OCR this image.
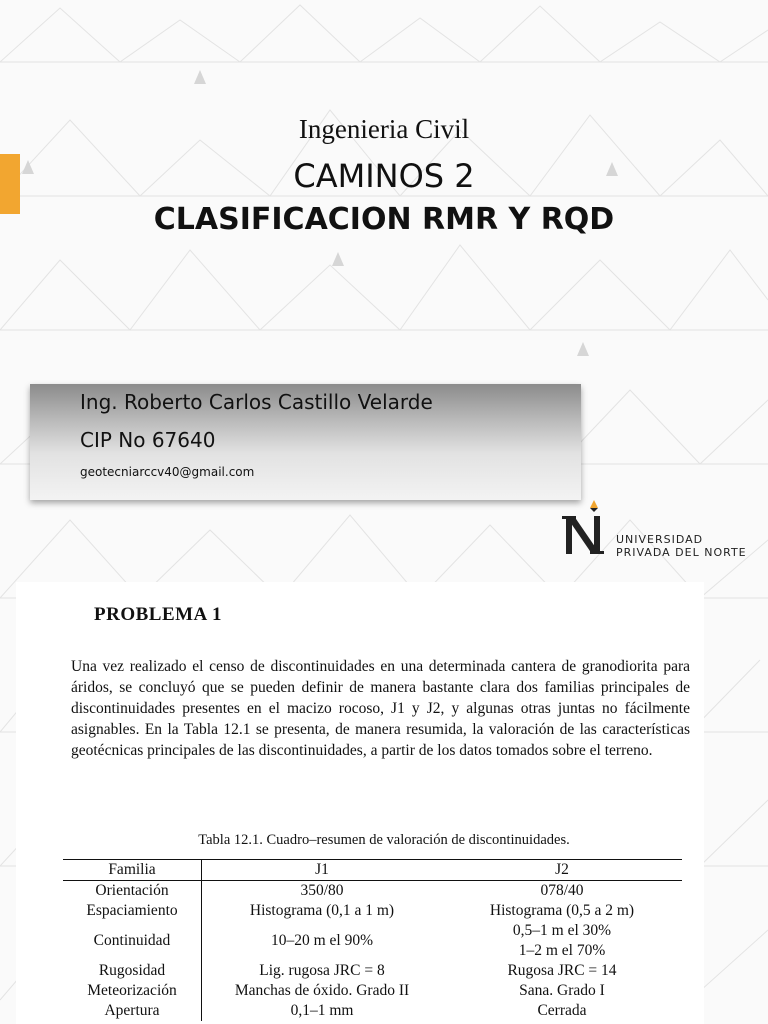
Ingenieria Civil
CAMINOS 2
CLASIFICACION RMR Y RQD
Ing. Roberto Carlos Castillo Velarde
CIP No 67640
geotecniarccv40@gmail.com
UNIVERSIDAD
PRIVADA DEL NORTE
PROBLEMA 1
Una vez realizado el censo de discontinuidades en una determinada cantera de granodiorita para áridos, se concluyó que se pueden definir de manera bastante clara dos familias principales de discontinuidades presentes en el macizo rocoso, J1 y J2, y algunas otras juntas no fácilmente asignables. En la Tabla 12.1 se presenta, de manera resumida, la valoración de las características geotécnicas principales de las discontinuidades, a partir de los datos tomados sobre el terreno.
Tabla 12.1. Cuadro–resumen de valoración de discontinuidades.
Familia	J1	J2
Orientación	350/80	078/40
Espaciamiento	Histograma (0,1 a 1 m)	Histograma (0,5 a 2 m)
Continuidad	10–20 m el 90%	0,5–1 m el 30%
1–2 m el 70%

Rugosidad	Lig. rugosa JRC = 8	Rugosa JRC = 14
Meteorización	Manchas de óxido. Grado II	Sana. Grado I
Apertura	0,1–1 mm	Cerrada
